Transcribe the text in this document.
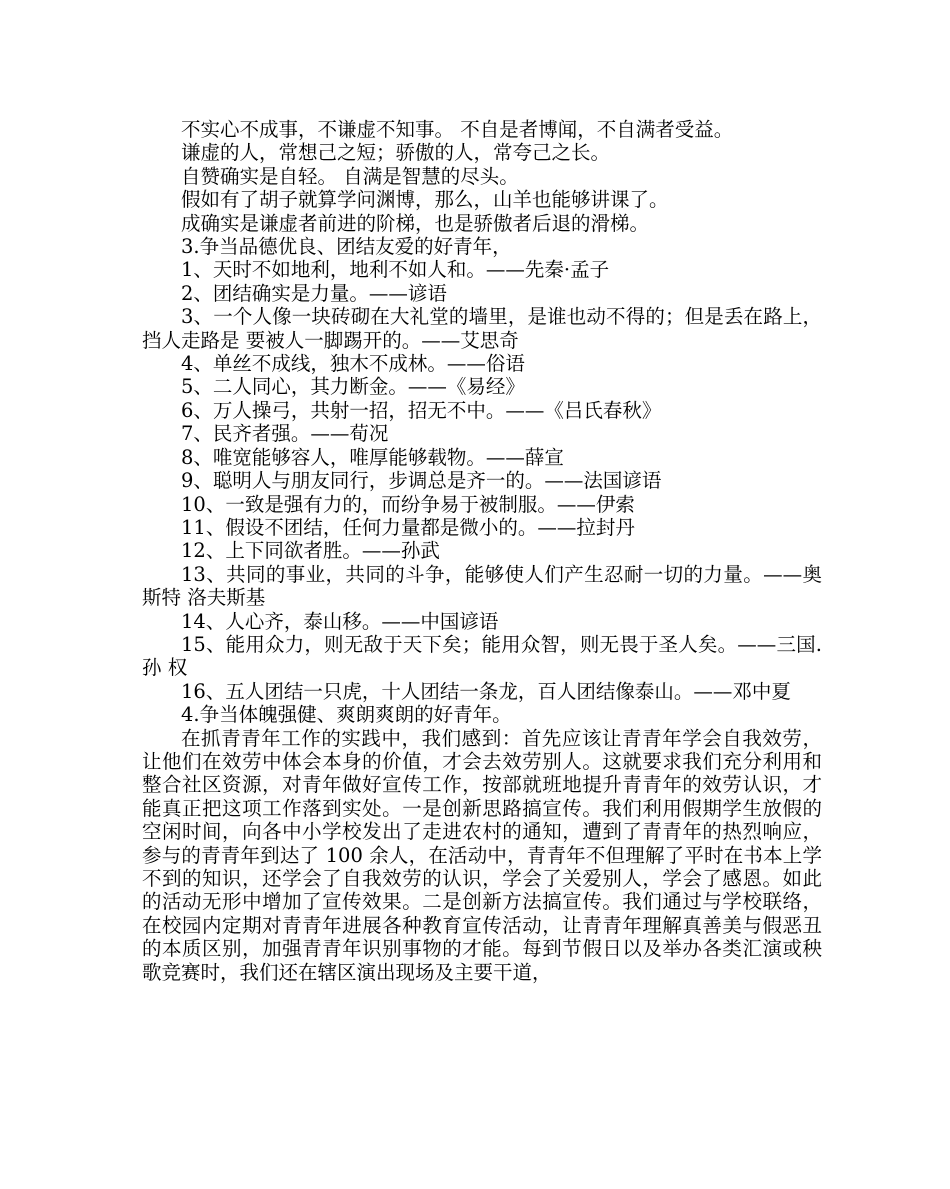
不实心不成事，不谦虚不知事。 不自是者博闻，不自满者受益。

谦虚的人，常想己之短；骄傲的人，常夸己之长。

自赞确实是自轻。 自满是智慧的尽头。

假如有了胡子就算学问渊博，那么，山羊也能够讲课了。

成确实是谦虚者前进的阶梯，也是骄傲者后退的滑梯。

3.争当品德优良、团结友爱的好青年，

1、天时不如地利，地利不如人和。——先秦·孟子

2、团结确实是力量。——谚语

3、一个人像一块砖砌在大礼堂的墙里，是谁也动不得的；但是丢在路上，挡人走路是 要被人一脚踢开的。——艾思奇

4、单丝不成线，独木不成林。——俗语

5、二人同心，其力断金。——《易经》

6、万人操弓，共射一招，招无不中。——《吕氏春秋》

7、民齐者强。——荀况

8、唯宽能够容人，唯厚能够载物。——薛宣

9、聪明人与朋友同行，步调总是齐一的。——法国谚语

10、一致是强有力的，而纷争易于被制服。——伊索

11、假设不团结，任何力量都是微小的。——拉封丹

12、上下同欲者胜。——孙武

13、共同的事业，共同的斗争，能够使人们产生忍耐一切的力量。——奥斯特 洛夫斯基

14、人心齐，泰山移。——中国谚语

15、能用众力，则无敌于天下矣；能用众智，则无畏于圣人矣。——三国.孙 权

16、五人团结一只虎，十人团结一条龙，百人团结像泰山。——邓中夏

4.争当体魄强健、爽朗爽朗的好青年。

在抓青青年工作的实践中，我们感到：首先应该让青青年学会自我效劳，让他们在效劳中体会本身的价值，才会去效劳别人。这就要求我们充分利用和整合社区资源，对青年做好宣传工作，按部就班地提升青青年的效劳认识，才能真正把这项工作落到实处。一是创新思路搞宣传。我们利用假期学生放假的空闲时间，向各中小学校发出了走进农村的通知，遭到了青青年的热烈响应，参与的青青年到达了 100 余人，在活动中，青青年不但理解了平时在书本上学不到的知识，还学会了自我效劳的认识，学会了关爱别人，学会了感恩。如此的活动无形中增加了宣传效果。二是创新方法搞宣传。我们通过与学校联络，在校园内定期对青青年进展各种教育宣传活动，让青青年理解真善美与假恶丑的本质区别，加强青青年识别事物的才能。每到节假日以及举办各类汇演或秧歌竞赛时，我们还在辖区演出现场及主要干道，
